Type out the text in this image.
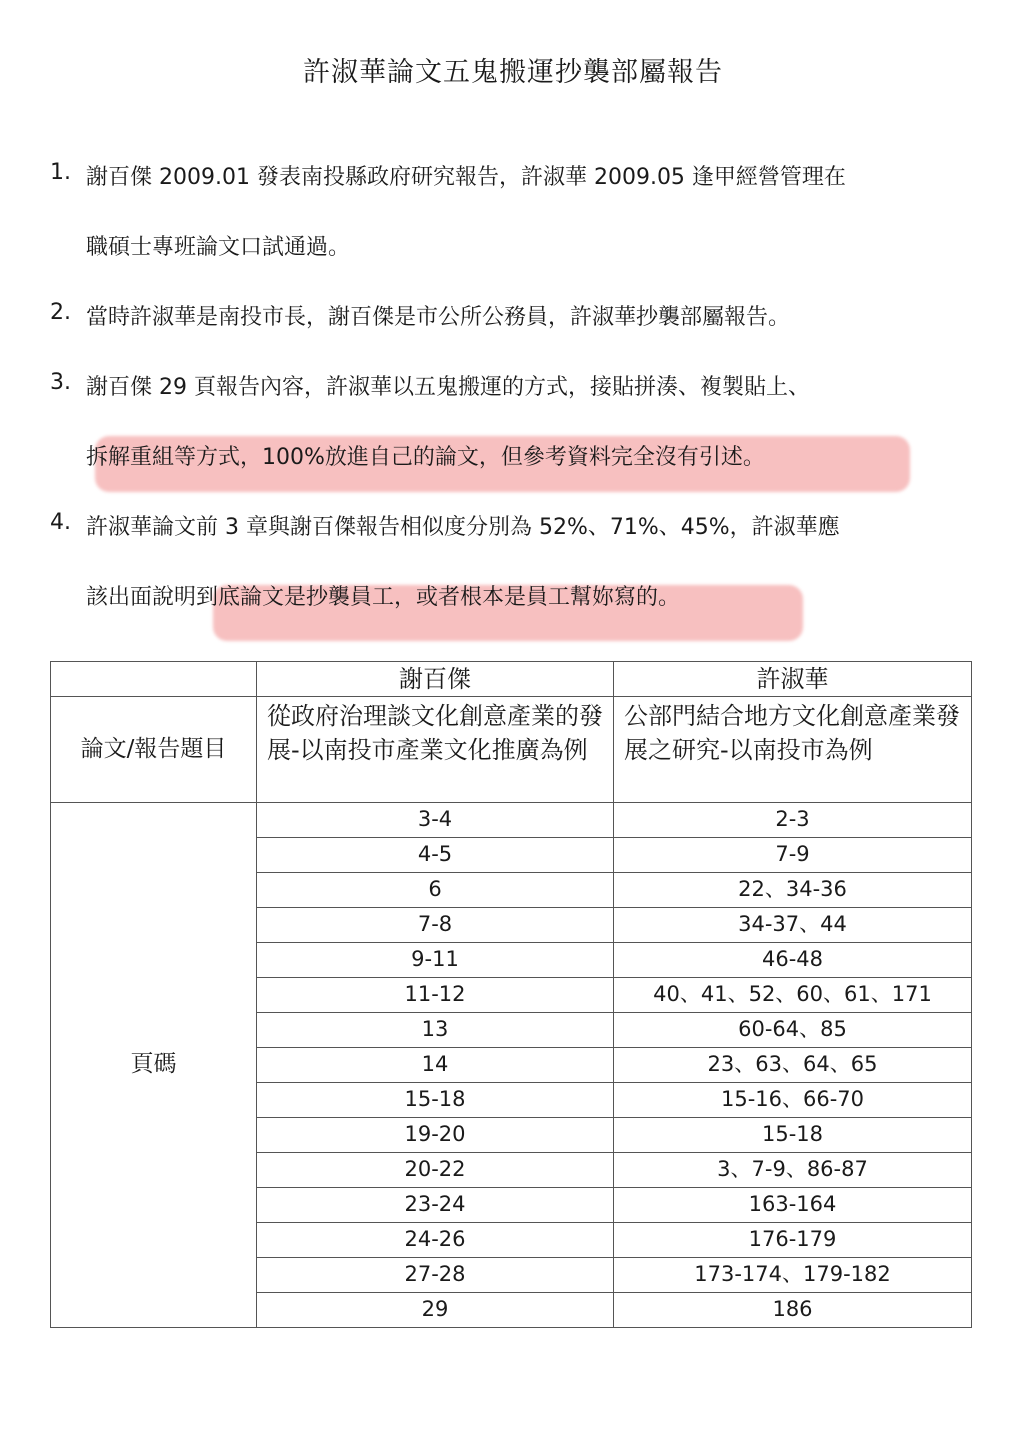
許淑華論文五鬼搬運抄襲部屬報告
1. 謝百傑 2009.01 發表南投縣政府研究報告，許淑華 2009.05 逢甲經營管理在
職碩士專班論文口試通過。
2. 當時許淑華是南投市長，謝百傑是市公所公務員，許淑華抄襲部屬報告。
3. 謝百傑 29 頁報告內容，許淑華以五鬼搬運的方式，接貼拼湊、複製貼上、
拆解重組等方式，100%放進自己的論文，但參考資料完全沒有引述。
4. 許淑華論文前 3 章與謝百傑報告相似度分別為 52%、71%、45%，許淑華應
該出面說明到底論文是抄襲員工，或者根本是員工幫妳寫的。
	謝百傑	許淑華
論文/報告題目	從政府治理談文化創意產業的發展-以南投市產業文化推廣為例	公部門結合地方文化創意產業發展之研究-以南投市為例
頁碼	3-4	2-3
	4-5	7-9
	6	22、34-36
	7-8	34-37、44
	9-11	46-48
	11-12	40、41、52、60、61、171
	13	60-64、85
	14	23、63、64、65
	15-18	15-16、66-70
	19-20	15-18
	20-22	3、7-9、86-87
	23-24	163-164
	24-26	176-179
	27-28	173-174、179-182
	29	186
